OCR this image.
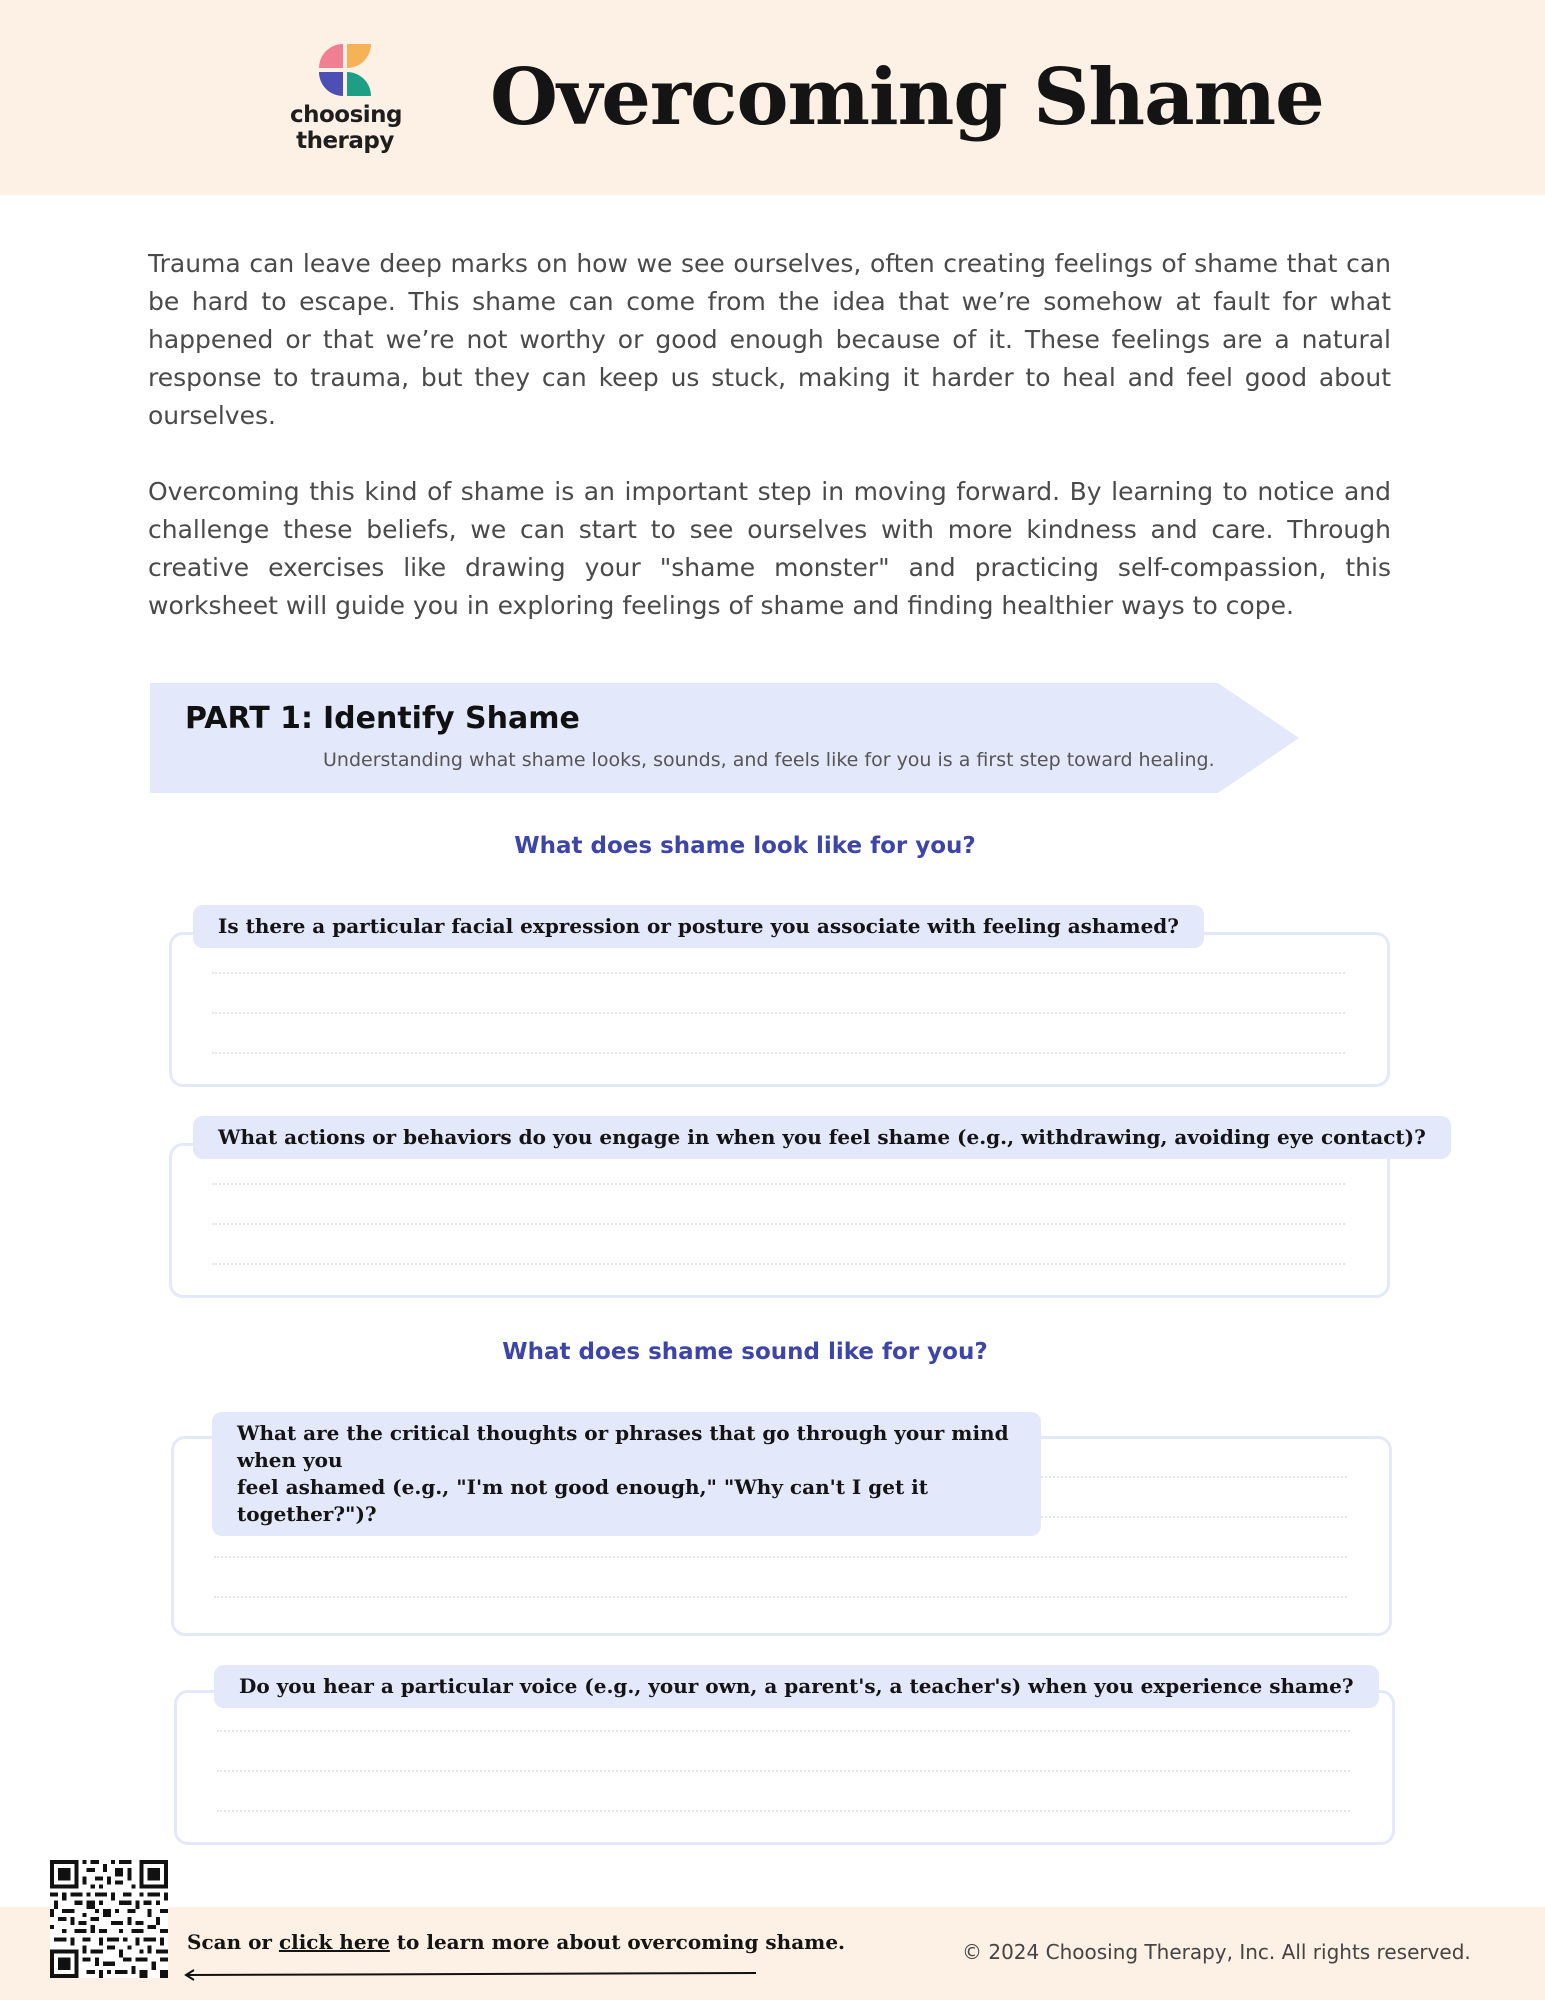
choosing
therapy Overcoming Shame

Trauma can leave deep marks on how we see ourselves, often creating feelings of shame that can be hard to escape. This shame can come from the idea that we’re somehow at fault for what happened or that we’re not worthy or good enough because of it. These feelings are a natural response to trauma, but they can keep us stuck, making it harder to heal and feel good about ourselves.

Overcoming this kind of shame is an important step in moving forward. By learning to notice and challenge these beliefs, we can start to see ourselves with more kindness and care. Through creative exercises like drawing your "shame monster" and practicing self-compassion, this worksheet will guide you in exploring feelings of shame and finding healthier ways to cope.

PART 1: Identify Shame
Understanding what shame looks, sounds, and feels like for you is a first step toward healing.
What does shame look like for you?
Is there a particular facial expression or posture you associate with feeling ashamed?
What actions or behaviors do you engage in when you feel shame (e.g., withdrawing, avoiding eye contact)?
What does shame sound like for you?
What are the critical thoughts or phrases that go through your mind when you
feel ashamed (e.g., "I'm not good enough," "Why can't I get it together?")?
Do you hear a particular voice (e.g., your own, a parent's, a teacher's) when you experience shame?
Scan or click here to learn more about overcoming shame.	© 2024 Choosing Therapy, Inc. All rights reserved.
